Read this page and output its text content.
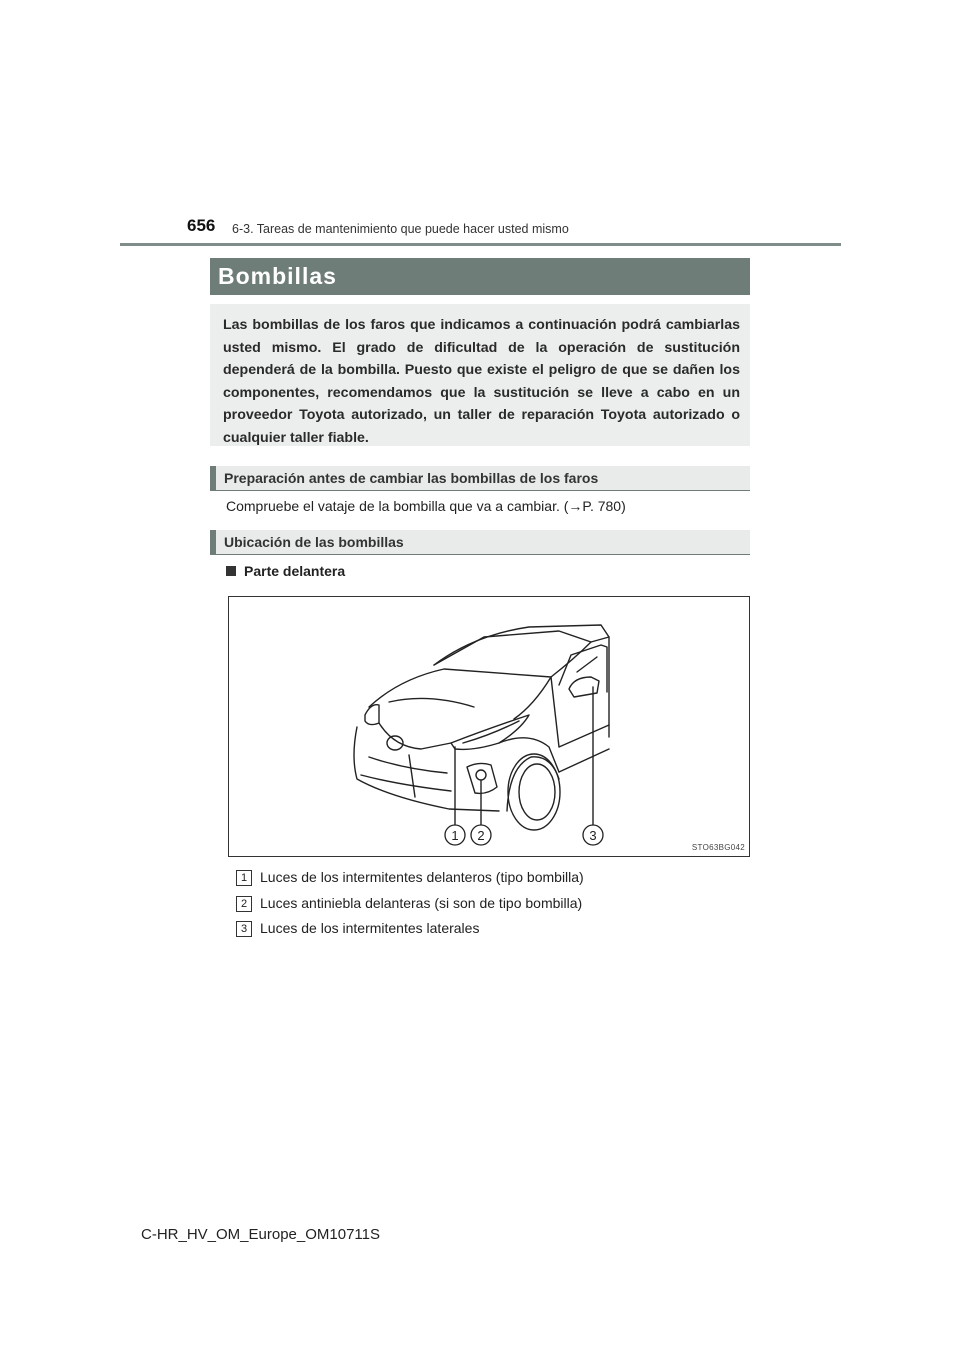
656 6-3. Tareas de mantenimiento que puede hacer usted mismo
Bombillas

Las bombillas de los faros que indicamos a continuación podrá cambiarlas usted mismo. El grado de dificultad de la operación de sustitución dependerá de la bombilla. Puesto que existe el peligro de que se dañen los componentes, recomendamos que la sustitución se lleve a cabo en un proveedor Toyota autorizado, un taller de reparación Toyota autorizado o cualquier taller fiable.

Preparación antes de cambiar las bombillas de los faros
Compruebe el vataje de la bombilla que va a cambiar. (→P. 780)
Ubicación de las bombillas
Parte delantera
1 2	3
STO63BG042
1 Luces de los intermitentes delanteros (tipo bombilla)
2 Luces antiniebla delanteras (si son de tipo bombilla)
3 Luces de los intermitentes laterales
C-HR_HV_OM_Europe_OM10711S
